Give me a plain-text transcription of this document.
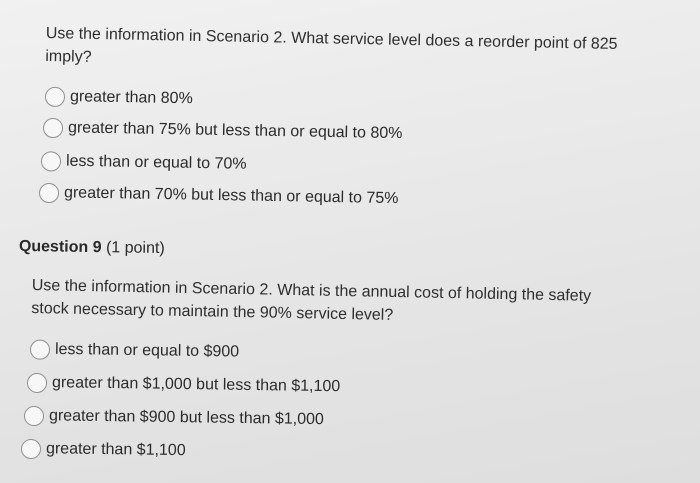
Use the information in Scenario 2. What service level does a reorder point of 825
imply?
greater than 80%
greater than 75% but less than or equal to 80%
less than or equal to 70%
greater than 70% but less than or equal to 75%
Question 9 (1 point)
Use the information in Scenario 2. What is the annual cost of holding the safety
stock necessary to maintain the 90% service level?
less than or equal to $900
greater than $1,000 but less than $1,100
greater than $900 but less than $1,000
greater than $1,100
